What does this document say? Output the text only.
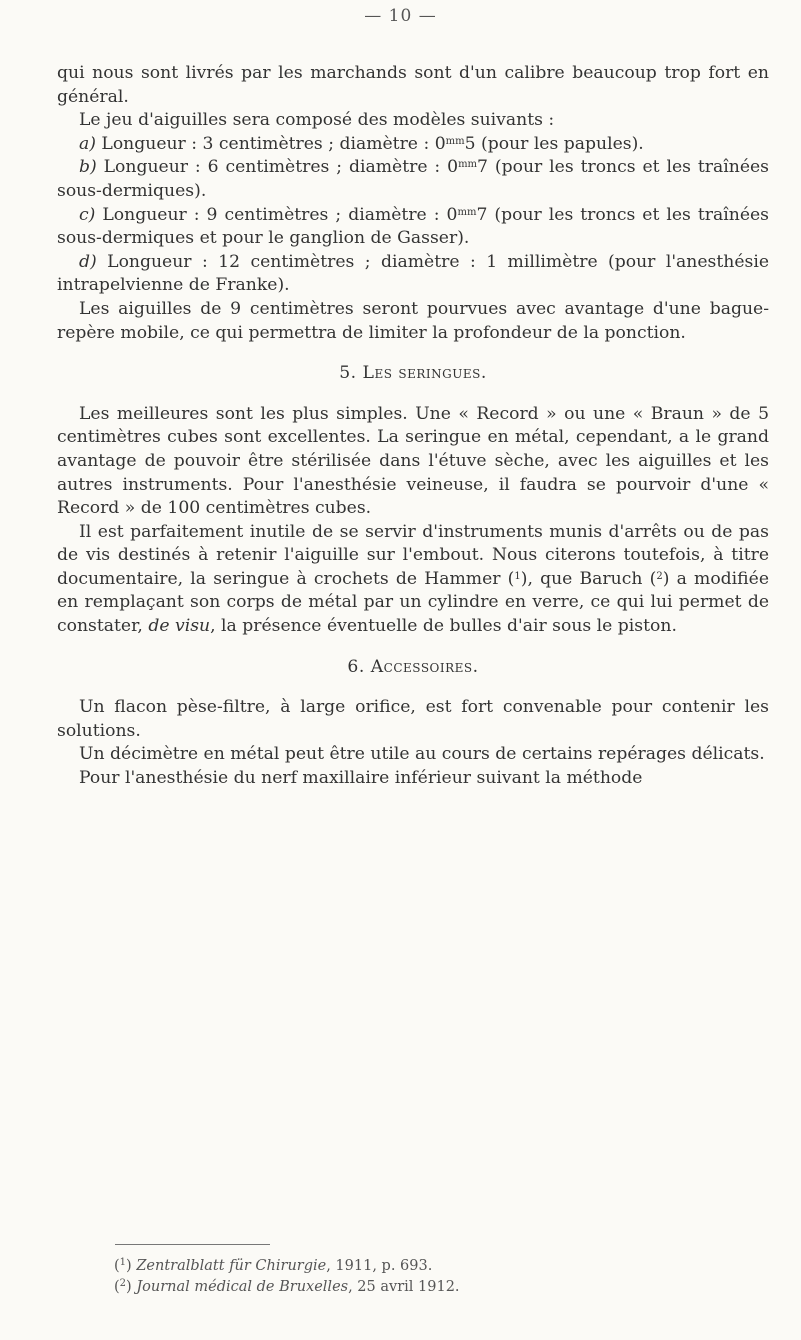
— 10 —

qui nous sont livrés par les marchands sont d'un calibre beaucoup trop fort en général.

Le jeu d'aiguilles sera composé des modèles suivants :

a) Longueur : 3 centimètres ; diamètre : $0^{mm}5$ (pour les papules).

b) Longueur : 6 centimètres ; diamètre : $0^{mm}7$ (pour les troncs et les traînées sous-dermiques).

c) Longueur : 9 centimètres ; diamètre : $0^{mm}7$ (pour les troncs et les traînées sous-dermiques et pour le ganglion de Gasser).

d) Longueur : 12 centimètres ; diamètre : 1 millimètre (pour l'anesthésie intrapelvienne de Franke).

Les aiguilles de 9 centimètres seront pourvues avec avantage d'une bague-repère mobile, ce qui permettra de limiter la profondeur de la ponction.

5. Les seringues.

Les meilleures sont les plus simples. Une « Record » ou une « Braun » de 5 centimètres cubes sont excellentes. La seringue en métal, cependant, a le grand avantage de pouvoir être stérilisée dans l'étuve sèche, avec les aiguilles et les autres instruments. Pour l'anesthésie veineuse, il faudra se pourvoir d'une « Record » de 100 centimètres cubes.

Il est parfaitement inutile de se servir d'instruments munis d'arrêts ou de pas de vis destinés à retenir l'aiguille sur l'embout. Nous citerons toutefois, à titre documentaire, la seringue à crochets de Hammer ($^1$), que Baruch ($^2$) a modifiée en remplaçant son corps de métal par un cylindre en verre, ce qui lui permet de constater, de visu, la présence éventuelle de bulles d'air sous le piston.

6. Accessoires.

Un flacon pèse-filtre, à large orifice, est fort convenable pour contenir les solutions.

Un décimètre en métal peut être utile au cours de certains repérages délicats.

Pour l'anesthésie du nerf maxillaire inférieur suivant la méthode

($^1$) Zentralblatt für Chirurgie, 1911, p. 693.

($^2$) Journal médical de Bruxelles, 25 avril 1912.
